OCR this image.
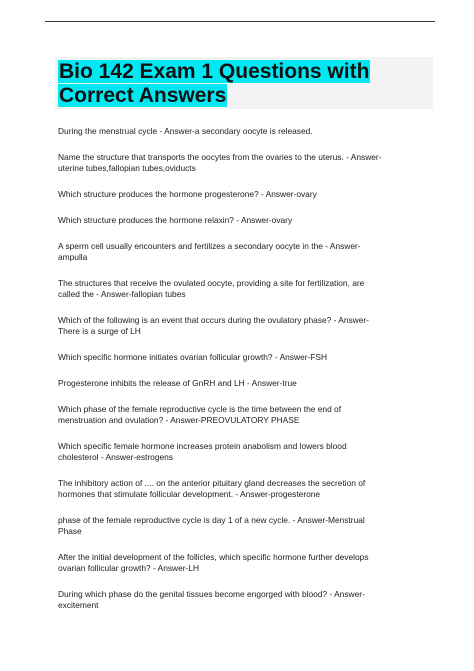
Bio 142 Exam 1 Questions with
Correct Answers
During the menstrual cycle - Answer-a secondary oocyte is released.
Name the structure that transports the oocytes from the ovaries to the uterus. - Answer-
uterine tubes,fallopian tubes,oviducts
Which structure produces the hormone progesterone? - Answer-ovary
Which structure produces the hormone relaxin? - Answer-ovary
A sperm cell usually encounters and fertilizes a secondary oocyte in the - Answer-
ampulla
The structures that receive the ovulated oocyte, providing a site for fertilization, are
called the - Answer-fallopian tubes
Which of the following is an event that occurs during the ovulatory phase? - Answer-
There is a surge of LH
Which specific hormone initiates ovarian follicular growth? - Answer-FSH
Progesterone inhibits the release of GnRH and LH - Answer-true
Which phase of the female reproductive cycle is the time between the end of
menstruation and ovulation? - Answer-PREOVULATORY PHASE
Which specific female hormone increases protein anabolism and lowers blood
cholesterol - Answer-estrogens
The inhibitory action of .... on the anterior pituitary gland decreases the secretion of
hormones that stimulate follicular development. - Answer-progesterone
phase of the female reproductive cycle is day 1 of a new cycle. - Answer-Menstrual
Phase
After the initial development of the follicles, which specific hormone further develops
ovarian follicular growth? - Answer-LH
During which phase do the genital tissues become engorged with blood? - Answer-
excitement
